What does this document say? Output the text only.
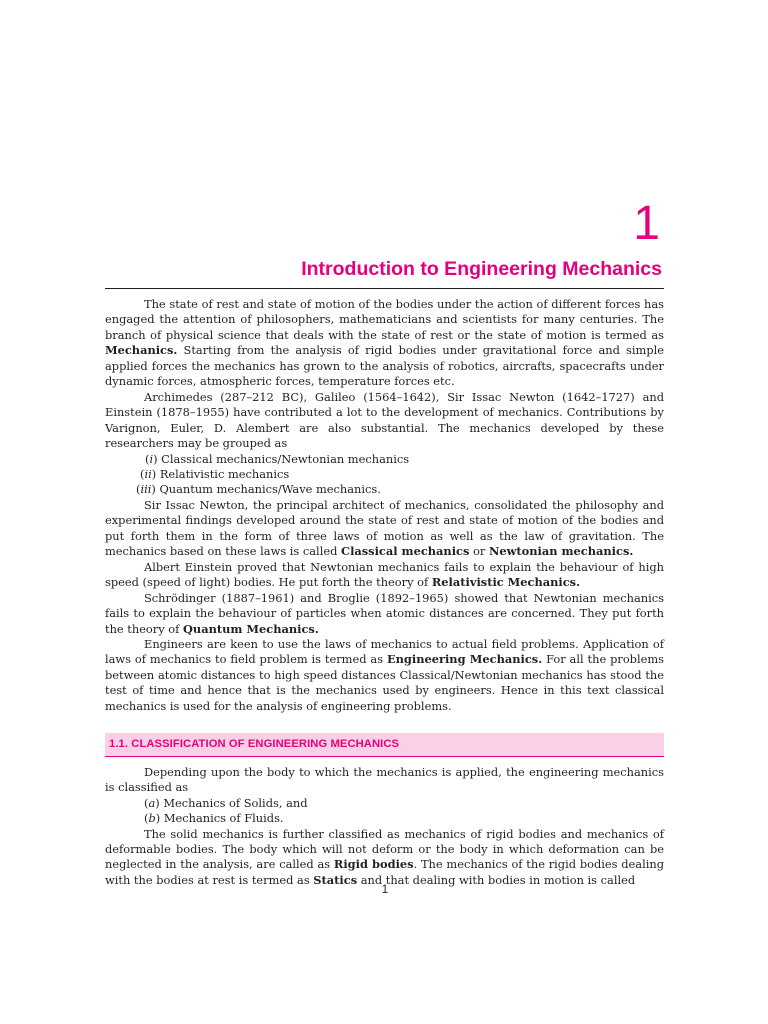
1
Introduction to Engineering Mechanics

The state of rest and state of motion of the bodies under the action of different forces has engaged the attention of philosophers, mathematicians and scientists for many centuries. The branch of physical science that deals with the state of rest or the state of motion is termed as Mechanics. Starting from the analysis of rigid bodies under gravitational force and simple applied forces the mechanics has grown to the analysis of robotics, aircrafts, spacecrafts under dynamic forces, atmospheric forces, temperature forces etc.

Archimedes (287–212 BC), Galileo (1564–1642), Sir Issac Newton (1642–1727) and Einstein (1878–1955) have contributed a lot to the development of mechanics. Contributions by Varignon, Euler, D. Alembert are also substantial. The mechanics developed by these researchers may be grouped as

(i) Classical mechanics/Newtonian mechanics

(ii) Relativistic mechanics

(iii) Quantum mechanics/Wave mechanics.

Sir Issac Newton, the principal architect of mechanics, consolidated the philosophy and experimental findings developed around the state of rest and state of motion of the bodies and put forth them in the form of three laws of motion as well as the law of gravitation. The mechanics based on these laws is called Classical mechanics or Newtonian mechanics.

Albert Einstein proved that Newtonian mechanics fails to explain the behaviour of high speed (speed of light) bodies. He put forth the theory of Relativistic Mechanics.

Schrödinger (1887–1961) and Broglie (1892–1965) showed that Newtonian mechanics fails to explain the behaviour of particles when atomic distances are concerned. They put forth the theory of Quantum Mechanics.

Engineers are keen to use the laws of mechanics to actual field problems. Application of laws of mechanics to field problem is termed as Engineering Mechanics. For all the problems between atomic distances to high speed distances Classical/Newtonian mechanics has stood the test of time and hence that is the mechanics used by engineers. Hence in this text classical mechanics is used for the analysis of engineering problems.

1.1. CLASSIFICATION OF ENGINEERING MECHANICS

Depending upon the body to which the mechanics is applied, the engineering mechanics is classified as

(a) Mechanics of Solids, and

(b) Mechanics of Fluids.

The solid mechanics is further classified as mechanics of rigid bodies and mechanics of deformable bodies. The body which will not deform or the body in which deformation can be neglected in the analysis, are called as Rigid bodies. The mechanics of the rigid bodies dealing with the bodies at rest is termed as Statics and that dealing with bodies in motion is called

1
